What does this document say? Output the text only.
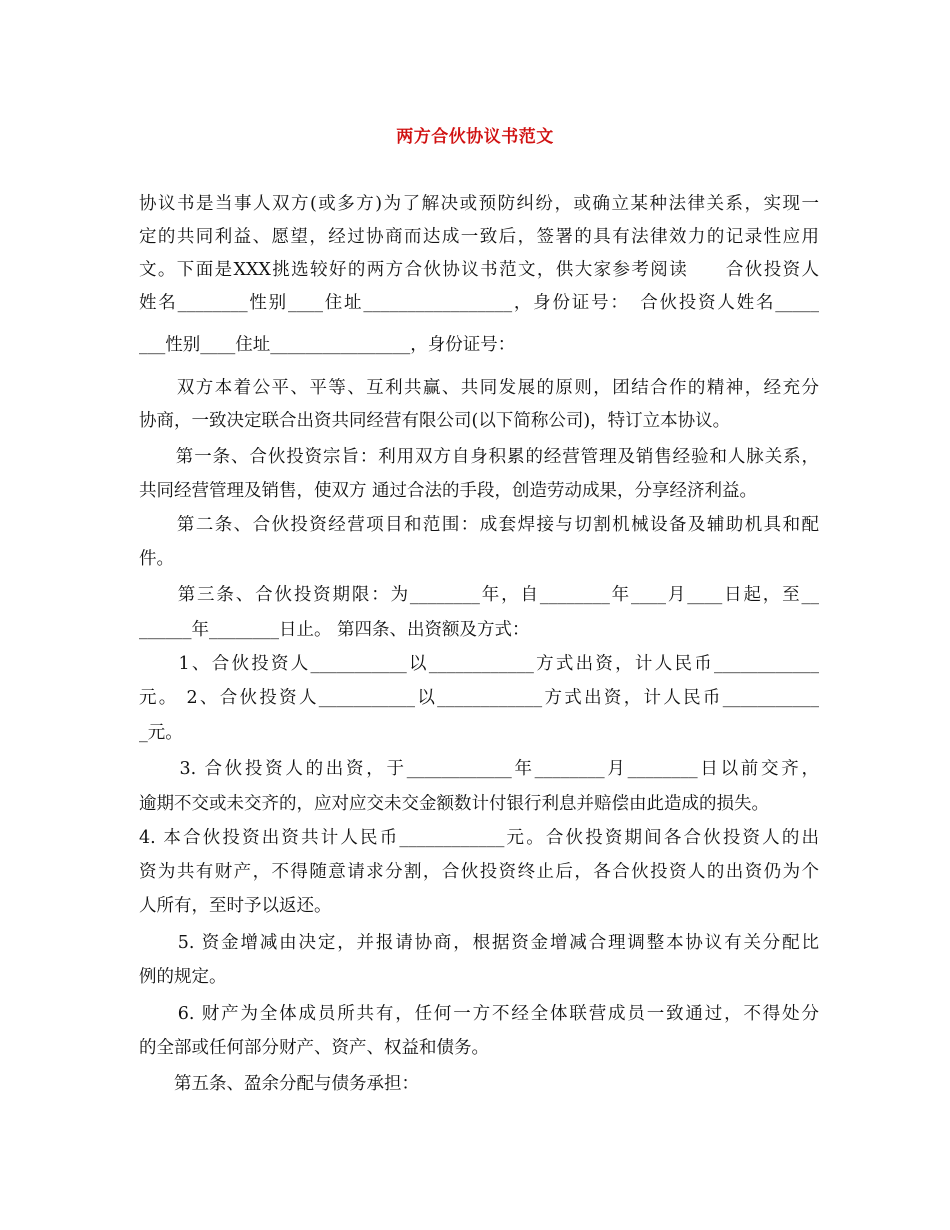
两方合伙协议书范文
协议书是当事人双方(或多方)为了解决或预防纠纷，或确立某种法律关系，实现一
定的共同利益、愿望，经过协商而达成一致后，签署的具有法律效力的记录性应用
文。下面是XXX挑选较好的两方合伙协议书范文，供大家参考阅读　　合伙投资人
姓名________性别____住址_________________，身份证号：　合伙投资人姓名_____
___性别____住址________________，身份证号：
　　双方本着公平、平等、互利共赢、共同发展的原则，团结合作的精神，经充分
协商，一致决定联合出资共同经营有限公司(以下简称公司)，特订立本协议。
　　第一条、合伙投资宗旨：利用双方自身积累的经营管理及销售经验和人脉关系，
共同经营管理及销售，使双方 通过合法的手段，创造劳动成果，分享经济利益。
　　第二条、合伙投资经营项目和范围：成套焊接与切割机械设备及辅助机具和配
件。
　　第三条、合伙投资期限：为________年，自________年____月____日起，至__
______年________日止。 第四条、出资额及方式：
　　1、合伙投资人___________以____________方式出资，计人民币____________
元。 2、合伙投资人___________以____________方式出资，计人民币___________
_元。
　　3. 合伙投资人的出资，于____________年________月________日以前交齐，
逾期不交或未交齐的，应对应交未交金额数计付银行利息并赔偿由此造成的损失。
4. 本合伙投资出资共计人民币____________元。合伙投资期间各合伙投资人的出
资为共有财产，不得随意请求分割，合伙投资终止后，各合伙投资人的出资仍为个
人所有，至时予以返还。
　　5. 资金增减由决定，并报请协商，根据资金增减合理调整本协议有关分配比
例的规定。
　　6. 财产为全体成员所共有，任何一方不经全体联营成员一致通过，不得处分
的全部或任何部分财产、资产、权益和债务。
　　第五条、盈余分配与债务承担：
